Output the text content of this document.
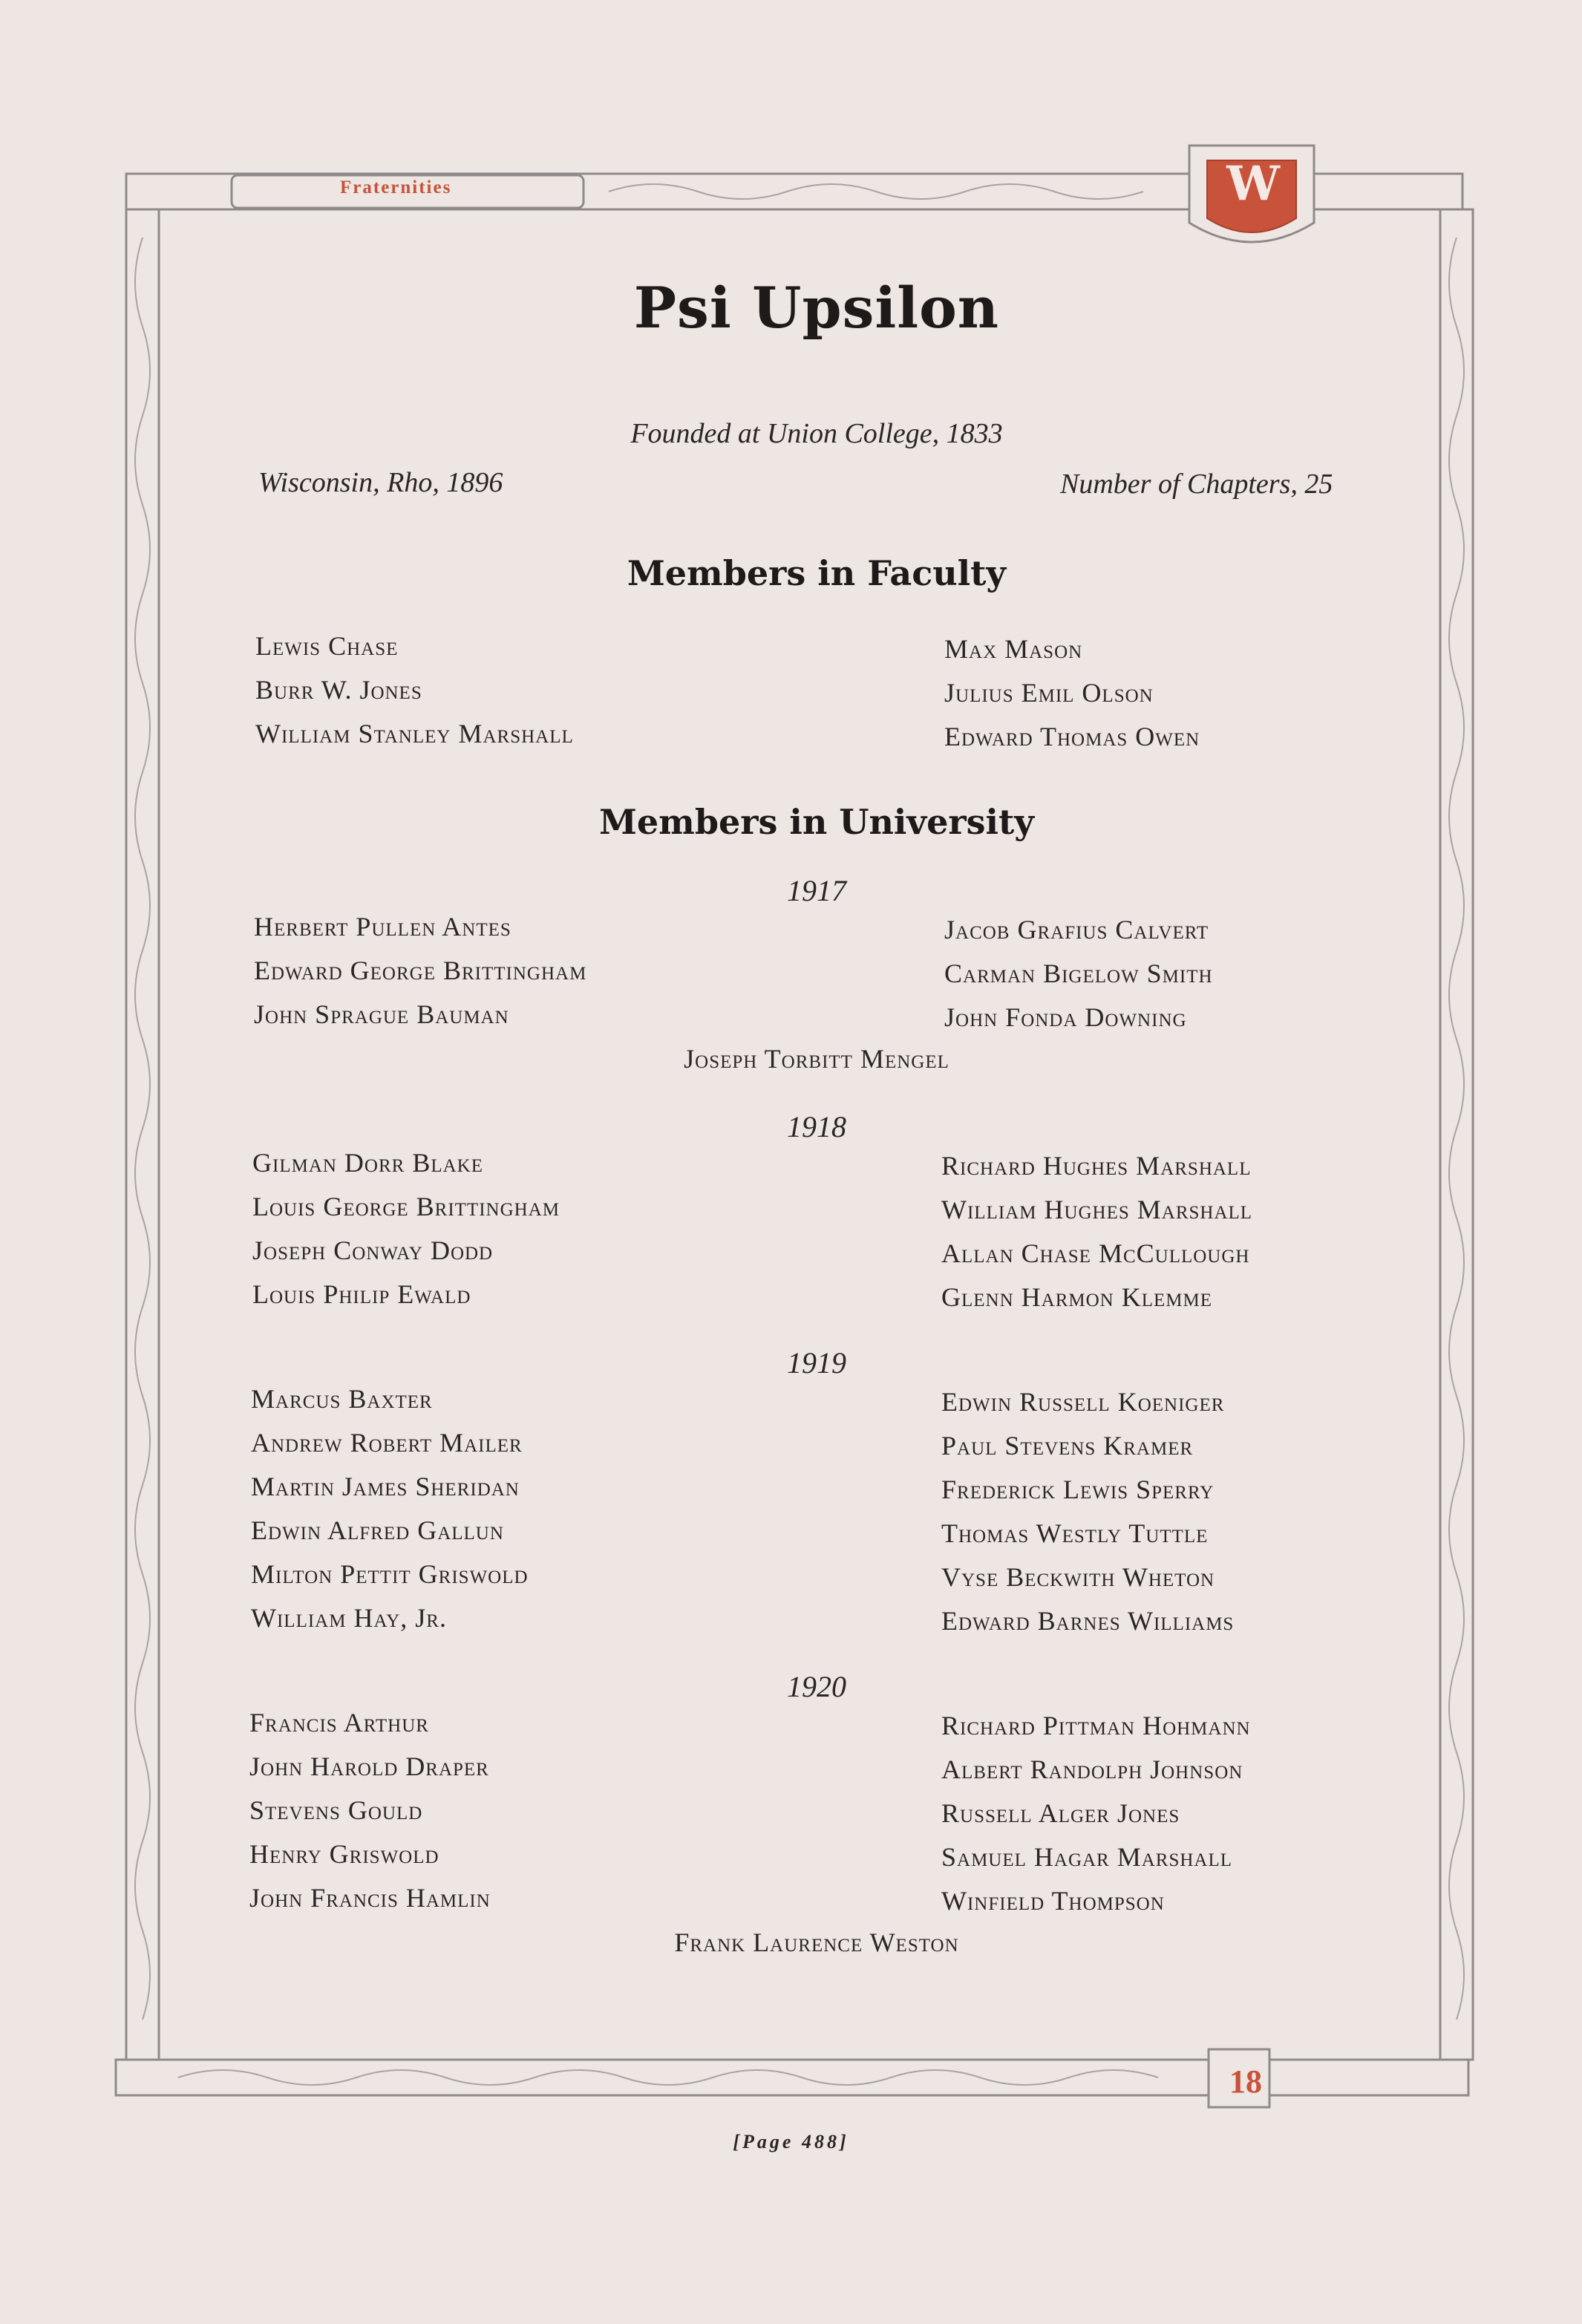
Fraternities	W
18
Psi Upsilon
Founded at Union College, 1833
Wisconsin, Rho, 1896	Number of Chapters, 25
Members in Faculty
Lewis Chase
Burr W. Jones
William Stanley Marshall
Max Mason
Julius Emil Olson
Edward Thomas Owen
Members in University
1917
Herbert Pullen Antes
Edward George Brittingham
John Sprague Bauman
Jacob Grafius Calvert
Carman Bigelow Smith
John Fonda Downing
Joseph Torbitt Mengel
1918
Gilman Dorr Blake
Louis George Brittingham
Joseph Conway Dodd
Louis Philip Ewald
Richard Hughes Marshall
William Hughes Marshall
Allan Chase McCullough
Glenn Harmon Klemme
1919
Marcus Baxter
Andrew Robert Mailer
Martin James Sheridan
Edwin Alfred Gallun
Milton Pettit Griswold
William Hay, Jr.
Edwin Russell Koeniger
Paul Stevens Kramer
Frederick Lewis Sperry
Thomas Westly Tuttle
Vyse Beckwith Wheton
Edward Barnes Williams
1920
Francis Arthur
John Harold Draper
Stevens Gould
Henry Griswold
John Francis Hamlin
Richard Pittman Hohmann
Albert Randolph Johnson
Russell Alger Jones
Samuel Hagar Marshall
Winfield Thompson
Frank Laurence Weston
[Page 488]
